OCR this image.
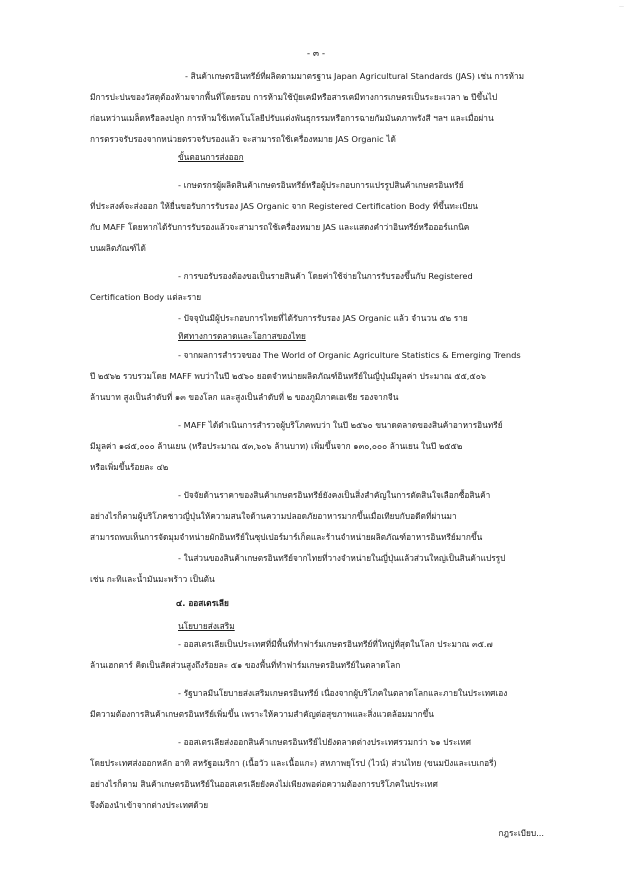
—
- ๓ -
- สินค้าเกษตรอินทรีย์ที่ผลิตตามมาตรฐาน Japan Agricultural Standards (JAS) เช่น การห้าม
มีการปะปนของวัสดุต้องห้ามจากพื้นที่โดยรอบ การห้ามใช้ปุ๋ยเคมีหรือสารเคมีทางการเกษตรเป็นระยะเวลา ๒ ปีขึ้นไป
ก่อนหว่านเมล็ดหรือลงปลูก การห้ามใช้เทคโนโลยีปรับแต่งพันธุกรรมหรือการฉายกัมมันตภาพรังสี ฯลฯ และเมื่อผ่าน
การตรวจรับรองจากหน่วยตรวจรับรองแล้ว จะสามารถใช้เครื่องหมาย JAS Organic ได้
ขั้นตอนการส่งออก
- เกษตรกรผู้ผลิตสินค้าเกษตรอินทรีย์หรือผู้ประกอบการแปรรูปสินค้าเกษตรอินทรีย์
ที่ประสงค์จะส่งออก ให้ยื่นขอรับการรับรอง JAS Organic จาก Registered Certification Body ที่ขึ้นทะเบียน
กับ MAFF โดยหากได้รับการรับรองแล้วจะสามารถใช้เครื่องหมาย JAS และแสดงคำว่าอินทรีย์หรือออร์แกนิค
บนผลิตภัณฑ์ได้
- การขอรับรองต้องขอเป็นรายสินค้า โดยค่าใช้จ่ายในการรับรองขึ้นกับ Registered
Certification Body แต่ละราย
- ปัจจุบันมีผู้ประกอบการไทยที่ได้รับการรับรอง JAS Organic แล้ว จำนวน ๕๒ ราย
ทิศทางการตลาดและโอกาสของไทย
- จากผลการสำรวจของ The World of Organic Agriculture Statistics & Emerging Trends
ปี ๒๕๖๒ รวบรวมโดย MAFF พบว่าในปี ๒๕๖๐ ยอดจำหน่ายผลิตภัณฑ์อินทรีย์ในญี่ปุ่นมีมูลค่า ประมาณ ๕๕,๕๐๖
ล้านบาท สูงเป็นลำดับที่ ๑๓ ของโลก และสูงเป็นลำดับที่ ๒ ของภูมิภาคเอเชีย รองจากจีน
- MAFF ได้ดำเนินการสำรวจผู้บริโภคพบว่า ในปี ๒๕๖๐ ขนาดตลาดของสินค้าอาหารอินทรีย์
มีมูลค่า ๑๘๕,๐๐๐ ล้านเยน (หรือประมาณ ๕๓,๖๐๖ ล้านบาท) เพิ่มขึ้นจาก ๑๓๐,๐๐๐ ล้านเยน ในปี ๒๕๕๒
หรือเพิ่มขึ้นร้อยละ ๔๒
- ปัจจัยด้านราคาของสินค้าเกษตรอินทรีย์ยังคงเป็นสิ่งสำคัญในการตัดสินใจเลือกซื้อสินค้า
อย่างไรก็ตามผู้บริโภคชาวญี่ปุ่นให้ความสนใจด้านความปลอดภัยอาหารมากขึ้นเมื่อเทียบกับอดีตที่ผ่านมา
สามารถพบเห็นการจัดมุมจำหน่ายผักอินทรีย์ในซุปเปอร์มาร์เก็ตและร้านจำหน่ายผลิตภัณฑ์อาหารอินทรีย์มากขึ้น
- ในส่วนของสินค้าเกษตรอินทรีย์จากไทยที่วางจำหน่ายในญี่ปุ่นแล้วส่วนใหญ่เป็นสินค้าแปรรูป
เช่น กะทิและน้ำมันมะพร้าว เป็นต้น
๔. ออสเตรเลีย
นโยบายส่งเสริม
- ออสเตรเลียเป็นประเทศที่มีพื้นที่ทำฟาร์มเกษตรอินทรีย์ที่ใหญ่ที่สุดในโลก ประมาณ ๓๕.๗
ล้านเฮกตาร์ คิดเป็นสัดส่วนสูงถึงร้อยละ ๕๑ ของพื้นที่ทำฟาร์มเกษตรอินทรีย์ในตลาดโลก
- รัฐบาลมีนโยบายส่งเสริมเกษตรอินทรีย์ เนื่องจากผู้บริโภคในตลาดโลกและภายในประเทศเอง
มีความต้องการสินค้าเกษตรอินทรีย์เพิ่มขึ้น เพราะให้ความสำคัญต่อสุขภาพและสิ่งแวดล้อมมากขึ้น
- ออสเตรเลียส่งออกสินค้าเกษตรอินทรีย์ไปยังตลาดต่างประเทศรวมกว่า ๖๑ ประเทศ
โดยประเทศส่งออกหลัก อาทิ สหรัฐอเมริกา (เนื้อวัว และเนื้อแกะ) สหภาพยุโรป (ไวน์) ส่วนไทย (ขนมปังและเบเกอรี่)
อย่างไรก็ตาม สินค้าเกษตรอินทรีย์ในออสเตรเลียยังคงไม่เพียงพอต่อความต้องการบริโภคในประเทศ
จึงต้องนำเข้าจากต่างประเทศด้วย
กฎระเบียบ...
